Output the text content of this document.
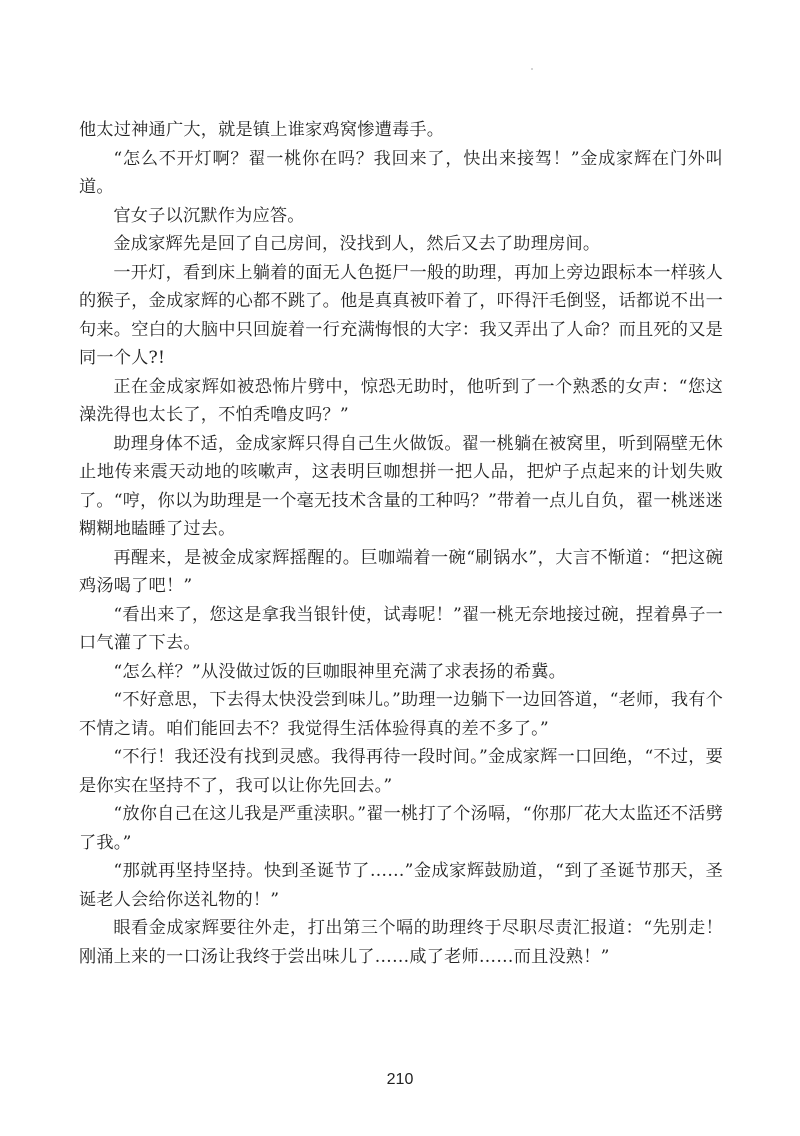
他太过神通广大，就是镇上谁家鸡窝惨遭毒手。

“怎么不开灯啊？翟一桃你在吗？我回来了，快出来接驾！”金成家辉在门外叫道。

官女子以沉默作为应答。

金成家辉先是回了自己房间，没找到人，然后又去了助理房间。

一开灯，看到床上躺着的面无人色挺尸一般的助理，再加上旁边跟标本一样骇人的猴子，金成家辉的心都不跳了。他是真真被吓着了，吓得汗毛倒竖，话都说不出一句来。空白的大脑中只回旋着一行充满悔恨的大字：我又弄出了人命？而且死的又是同一个人?!

正在金成家辉如被恐怖片劈中，惊恐无助时，他听到了一个熟悉的女声：“您这澡洗得也太长了，不怕秃噜皮吗？”

助理身体不适，金成家辉只得自己生火做饭。翟一桃躺在被窝里，听到隔壁无休止地传来震天动地的咳嗽声，这表明巨咖想拼一把人品，把炉子点起来的计划失败了。“哼，你以为助理是一个毫无技术含量的工种吗？”带着一点儿自负，翟一桃迷迷糊糊地瞌睡了过去。

再醒来，是被金成家辉摇醒的。巨咖端着一碗“刷锅水”，大言不惭道：“把这碗鸡汤喝了吧！”

“看出来了，您这是拿我当银针使，试毒呢！”翟一桃无奈地接过碗，捏着鼻子一口气灌了下去。

“怎么样？”从没做过饭的巨咖眼神里充满了求表扬的希冀。

“不好意思，下去得太快没尝到味儿。”助理一边躺下一边回答道，“老师，我有个不情之请。咱们能回去不？我觉得生活体验得真的差不多了。”

“不行！我还没有找到灵感。我得再待一段时间。”金成家辉一口回绝，“不过，要是你实在坚持不了，我可以让你先回去。”

“放你自己在这儿我是严重渎职。”翟一桃打了个汤嗝，“你那厂花大太监还不活劈了我。”

“那就再坚持坚持。快到圣诞节了……”金成家辉鼓励道，“到了圣诞节那天，圣诞老人会给你送礼物的！”

眼看金成家辉要往外走，打出第三个嗝的助理终于尽职尽责汇报道：“先别走！刚涌上来的一口汤让我终于尝出味儿了……咸了老师……而且没熟！”

210
